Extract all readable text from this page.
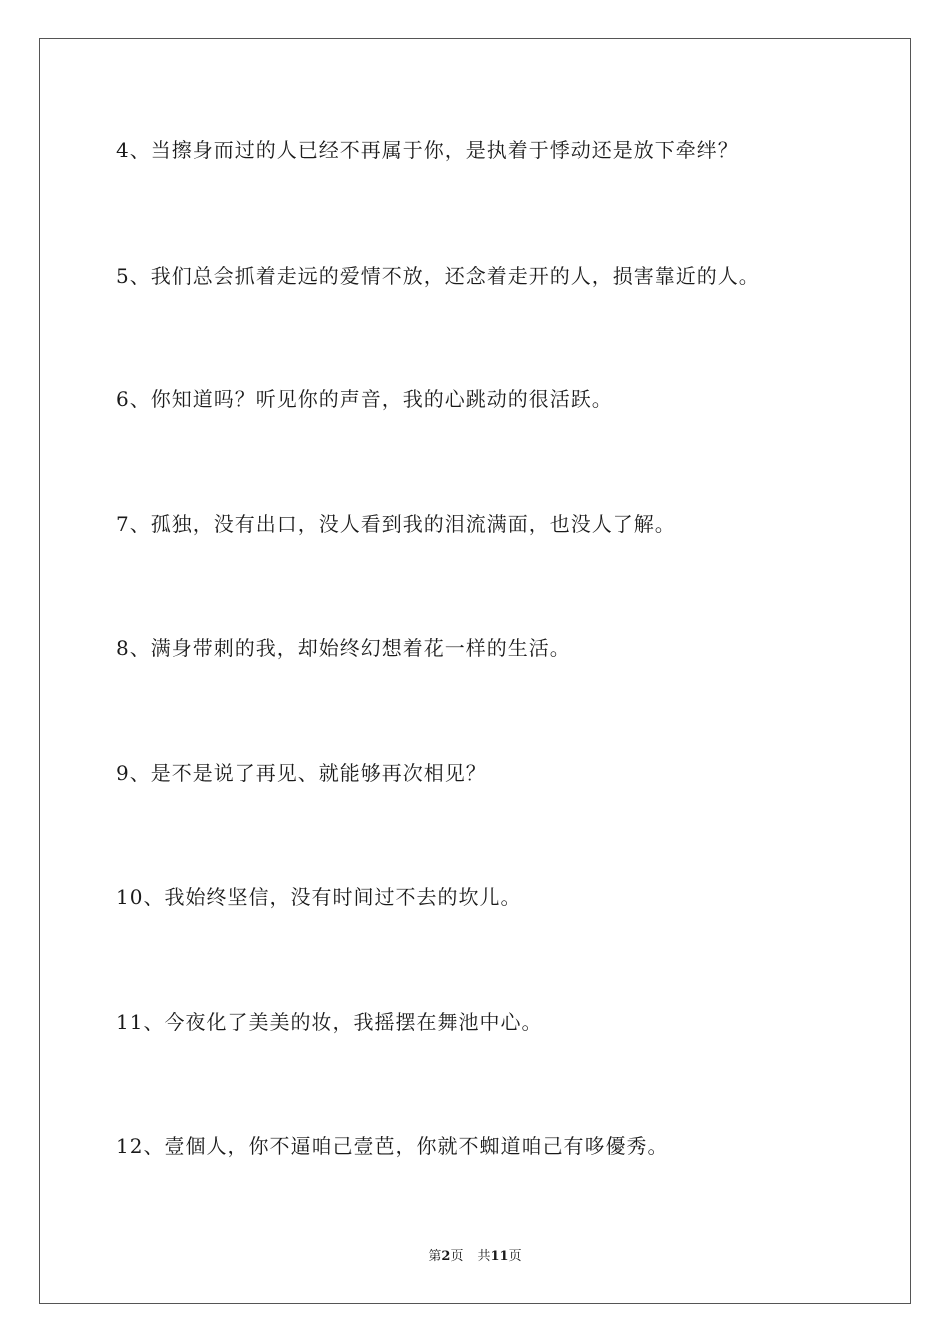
4、当擦身而过的人已经不再属于你，是执着于悸动还是放下牵绊？
5、我们总会抓着走远的爱情不放，还念着走开的人，损害靠近的人。
6、你知道吗？听见你的声音，我的心跳动的很活跃。
7、孤独，没有出口，没人看到我的泪流满面，也没人了解。
8、满身带刺的我，却始终幻想着花一样的生活。
9、是不是说了再见、就能够再次相见？
10、我始终坚信，没有时间过不去的坎儿。
11、今夜化了美美的妆，我摇摆在舞池中心。
12、壹個人，你不逼咱己壹芭，你就不蜘道咱己有哆優秀。
第2页 共11页
